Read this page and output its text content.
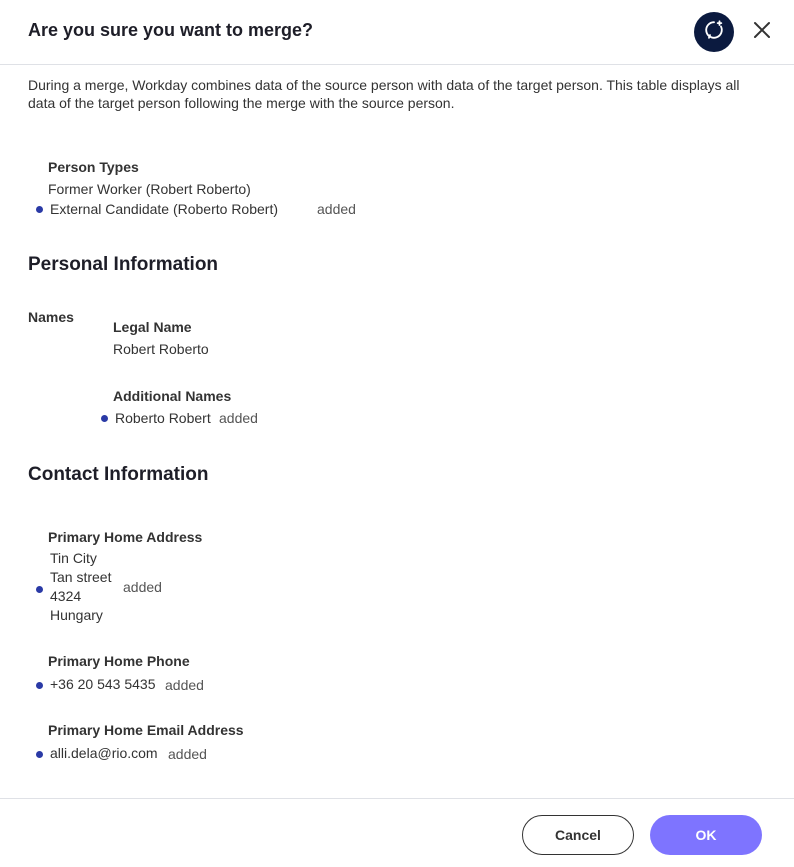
Are you sure you want to merge?
During a merge, Workday combines data of the source person with data of the target person. This table displays all data of the target person following the merge with the source person.
Person Types
Former Worker (Robert Roberto)
External Candidate (Roberto Robert)	added
Personal Information
Names
Legal Name
Robert Roberto
Additional Names
Roberto Robert added
Contact Information
Primary Home Address
Tin City
Tan street
4324
Hungary
added
Primary Home Phone
+36 20 543 5435 added
Primary Home Email Address
alli.dela@rio.com added
Cancel	OK
